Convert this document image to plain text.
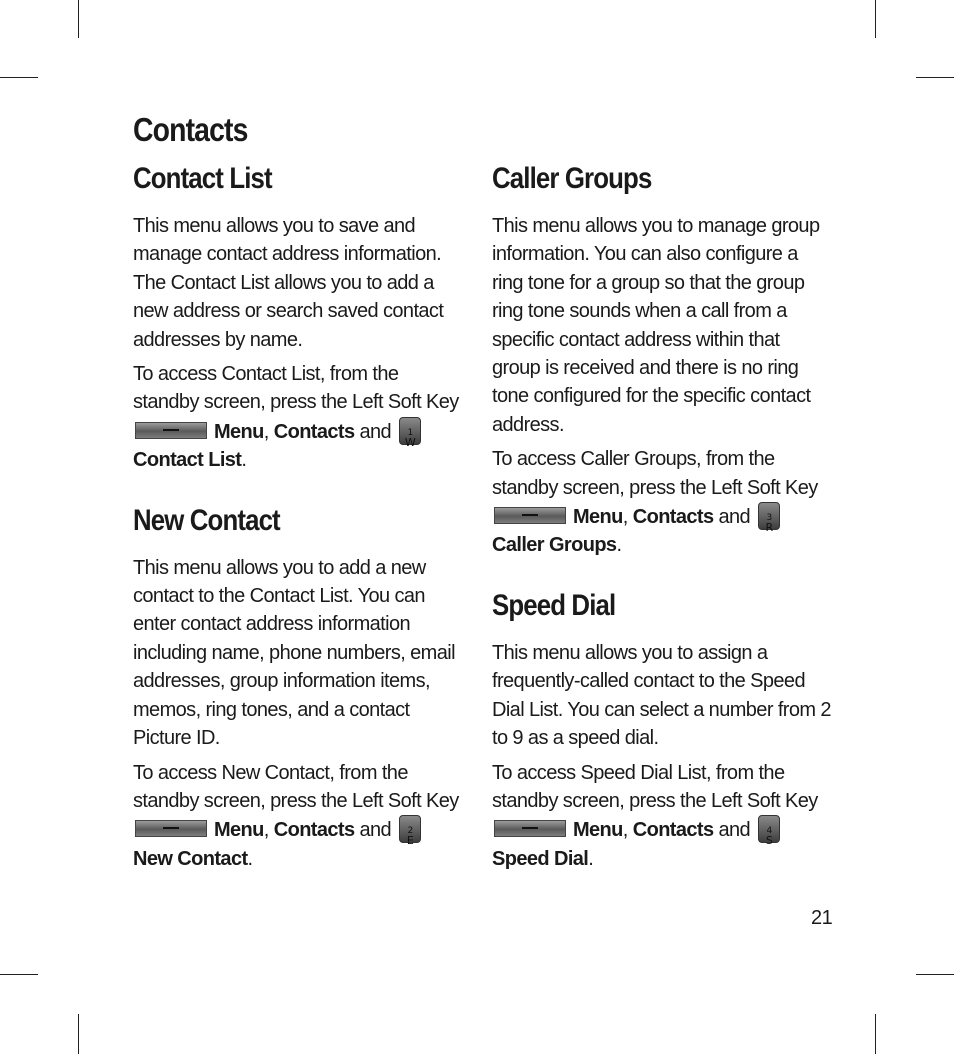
Contacts
Contact List

This menu allows you to save and manage contact address information. The Contact List allows you to add a new address or search saved contact addresses by name.

To access Contact List, from the standby screen, press the Left Soft Key  Menu, Contacts and	1
W
Contact List.

New Contact

This menu allows you to add a new contact to the Contact List. You can enter contact address information including name, phone numbers, email addresses, group information items, memos, ring tones, and a contact Picture ID.

To access New Contact, from the standby screen, press the Left Soft Key  Menu, Contacts and	2
E
New Contact.

Caller Groups

This menu allows you to manage group information. You can also configure a ring tone for a group so that the group ring tone sounds when a call from a specific contact address within that group is received and there is no ring tone configured for the specific contact address.

To access Caller Groups, from the standby screen, press the Left Soft Key  Menu, Contacts and	3
R
Caller Groups.

Speed Dial

This menu allows you to assign a frequently-called contact to the Speed Dial List. You can select a number from 2 to 9 as a speed dial.

To access Speed Dial List, from the standby screen, press the Left Soft Key  Menu, Contacts and	4
S
Speed Dial.

21
